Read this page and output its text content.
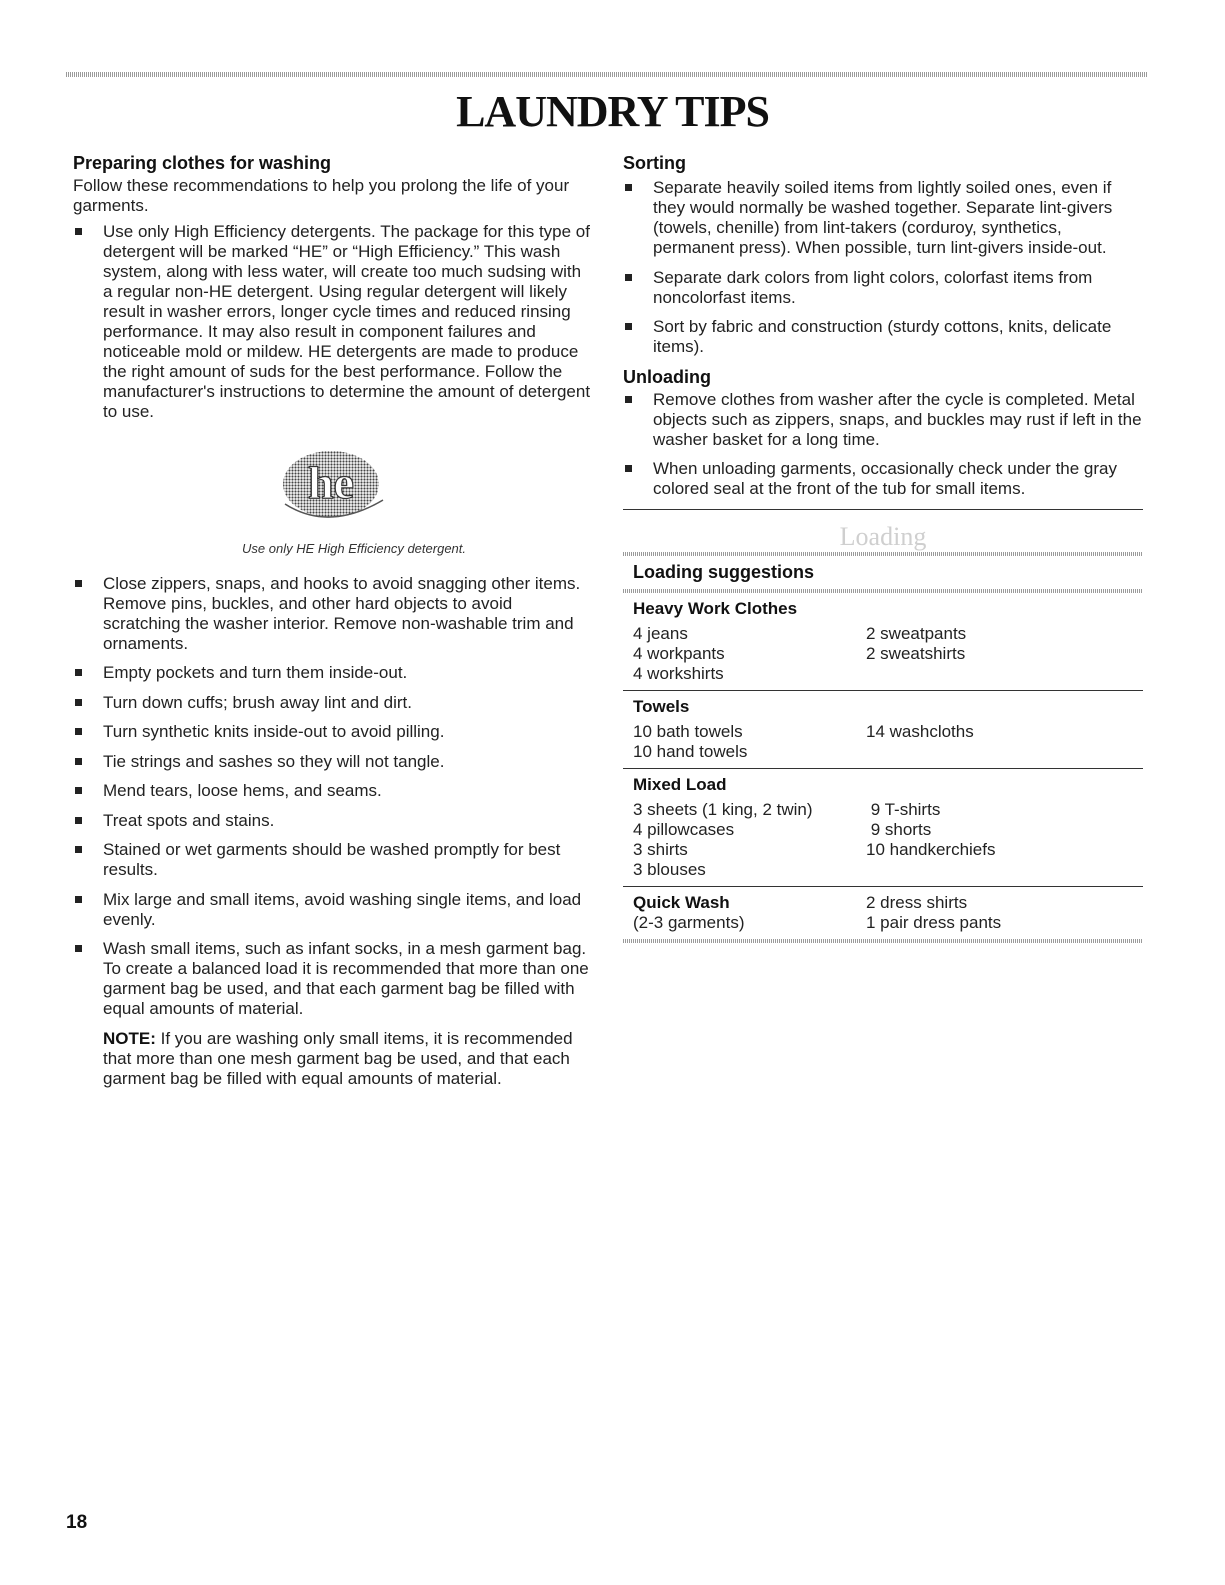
LAUNDRY TIPS
Preparing clothes for washing

Follow these recommendations to help you prolong the life of your garments.

Use only High Efficiency detergents. The package for this type of detergent will be marked “HE” or “High Efficiency.” This wash system, along with less water, will create too much sudsing with a regular non-HE detergent. Using regular detergent will likely result in washer errors, longer cycle times and reduced rinsing performance. It may also result in component failures and noticeable mold or mildew. HE detergents are made to produce the right amount of suds for the best performance. Follow the manufacturer's instructions to determine the amount of detergent to use.
he
Use only HE High Efficiency detergent.
Close zippers, snaps, and hooks to avoid snagging other items. Remove pins, buckles, and other hard objects to avoid scratching the washer interior. Remove non-washable trim and ornaments.
Empty pockets and turn them inside-out.
Turn down cuffs; brush away lint and dirt.
Turn synthetic knits inside-out to avoid pilling.
Tie strings and sashes so they will not tangle.
Mend tears, loose hems, and seams.
Treat spots and stains.
Stained or wet garments should be washed promptly for best results.
Mix large and small items, avoid washing single items, and load evenly.
Wash small items, such as infant socks, in a mesh garment bag. To create a balanced load it is recommended that more than one garment bag be used, and that each garment bag be filled with equal amounts of material.
NOTE: If you are washing only small items, it is recommended that more than one mesh garment bag be used, and that each garment bag be filled with equal amounts of material.
Sorting
Separate heavily soiled items from lightly soiled ones, even if they would normally be washed together. Separate lint-givers (towels, chenille) from lint-takers (corduroy, synthetics, permanent press). When possible, turn lint-givers inside-out.
Separate dark colors from light colors, colorfast items from noncolorfast items.
Sort by fabric and construction (sturdy cottons, knits, delicate items).
Unloading
Remove clothes from washer after the cycle is completed. Metal objects such as zippers, snaps, and buckles may rust if left in the washer basket for a long time.
When unloading garments, occasionally check under the gray colored seal at the front of the tub for small items.
Loading
Loading suggestions
Heavy Work Clothes
4 jeans
4 workpants
4 workshirts
2 sweatpants
2 sweatshirts
Towels
10 bath towels
10 hand towels
14 washcloths
Mixed Load
3 sheets (1 king, 2 twin)
4 pillowcases
3 shirts
3 blouses
9 T-shirts
9 shorts
10 handkerchiefs
Quick Wash
(2-3 garments)
2 dress shirts
1 pair dress pants
18
